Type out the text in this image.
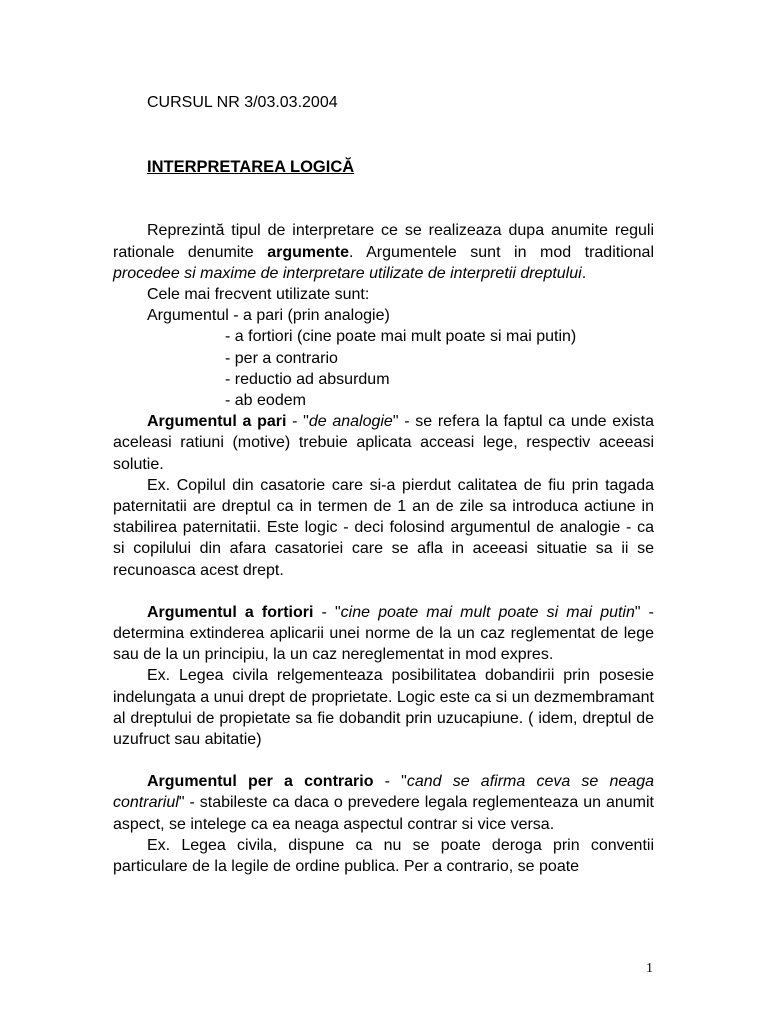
CURSUL NR 3/03.03.2004

INTERPRETAREA LOGICĂ

Reprezintă tipul de interpretare ce se realizeaza dupa anumite reguli rationale denumite argumente. Argumentele sunt in mod traditional procedee si maxime de interpretare utilizate de interpretii dreptului.

Cele mai frecvent utilizate sunt:

Argumentul - a pari (prin analogie)

- a fortiori (cine poate mai mult poate si mai putin)

- per a contrario

- reductio ad absurdum

- ab eodem

Argumentul a pari - "de analogie" - se refera la faptul ca unde exista aceleasi ratiuni (motive) trebuie aplicata acceasi lege, respectiv aceeasi solutie.

Ex. Copilul din casatorie care si-a pierdut calitatea de fiu prin tagada paternitatii are dreptul ca in termen de 1 an de zile sa introduca actiune in stabilirea paternitatii. Este logic - deci folosind argumentul de analogie - ca si copilului din afara casatoriei care se afla in aceeasi situatie sa ii se recunoasca acest drept.

Argumentul a fortiori - "cine poate mai mult poate si mai putin" - determina extinderea aplicarii unei norme de la un caz reglementat de lege sau de la un principiu, la un caz nereglementat in mod expres.

Ex. Legea civila relgementeaza posibilitatea dobandirii prin posesie indelungata a unui drept de proprietate. Logic este ca si un dezmembramant al dreptului de propietate sa fie dobandit prin uzucapiune. ( idem, dreptul de uzufruct sau abitatie)

Argumentul per a contrario - "cand se afirma ceva se neaga contrariul" - stabileste ca daca o prevedere legala reglementeaza un anumit aspect, se intelege ca ea neaga aspectul contrar si vice versa.

Ex. Legea civila, dispune ca nu se poate deroga prin conventii particulare de la legile de ordine publica. Per a contrario, se poate

1
